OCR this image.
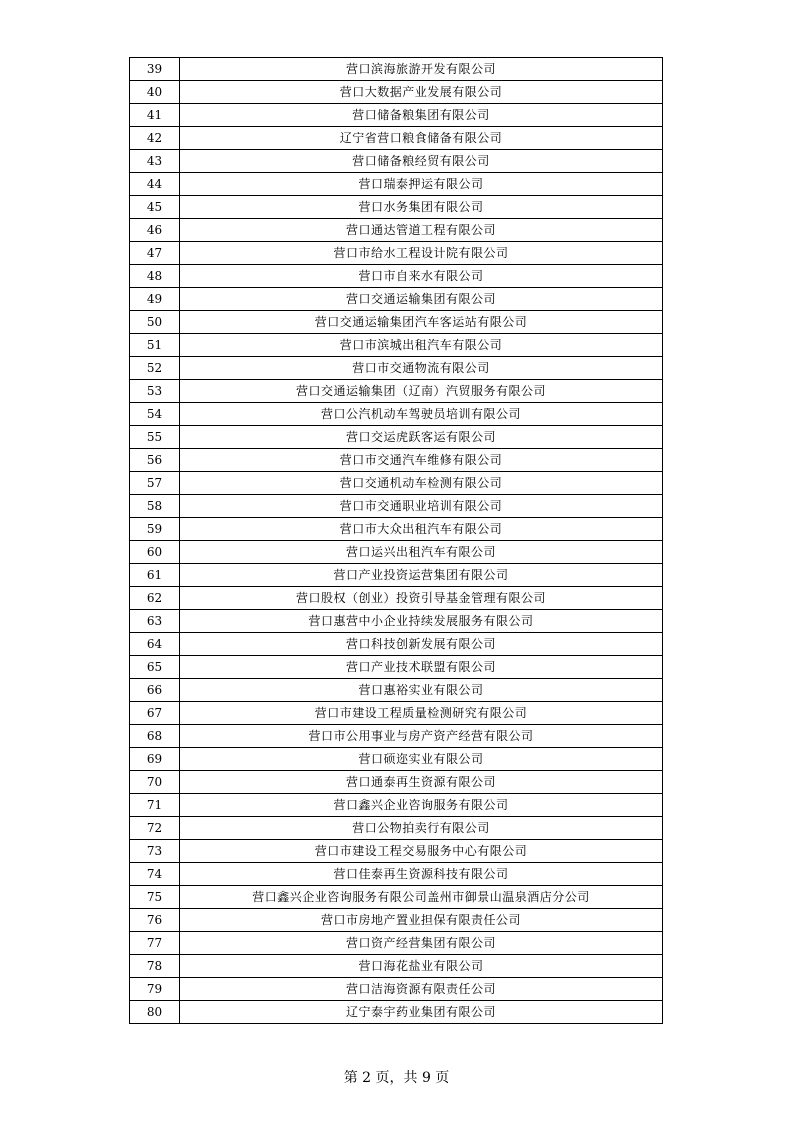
39	营口滨海旅游开发有限公司
40	营口大数据产业发展有限公司
41	营口储备粮集团有限公司
42	辽宁省营口粮食储备有限公司
43	营口储备粮经贸有限公司
44	营口瑞泰押运有限公司
45	营口水务集团有限公司
46	营口通达管道工程有限公司
47	营口市给水工程设计院有限公司
48	营口市自来水有限公司
49	营口交通运输集团有限公司
50	营口交通运输集团汽车客运站有限公司
51	营口市滨城出租汽车有限公司
52	营口市交通物流有限公司
53	营口交通运输集团（辽南）汽贸服务有限公司
54	营口公汽机动车驾驶员培训有限公司
55	营口交运虎跃客运有限公司
56	营口市交通汽车维修有限公司
57	营口交通机动车检测有限公司
58	营口市交通职业培训有限公司
59	营口市大众出租汽车有限公司
60	营口运兴出租汽车有限公司
61	营口产业投资运营集团有限公司
62	营口股权（创业）投资引导基金管理有限公司
63	营口惠营中小企业持续发展服务有限公司
64	营口科技创新发展有限公司
65	营口产业技术联盟有限公司
66	营口惠裕实业有限公司
67	营口市建设工程质量检测研究有限公司
68	营口市公用事业与房产资产经营有限公司
69	营口硕迩实业有限公司
70	营口通泰再生资源有限公司
71	营口鑫兴企业咨询服务有限公司
72	营口公物拍卖行有限公司
73	营口市建设工程交易服务中心有限公司
74	营口佳泰再生资源科技有限公司
75	营口鑫兴企业咨询服务有限公司盖州市御景山温泉酒店分公司
76	营口市房地产置业担保有限责任公司
77	营口资产经营集团有限公司
78	营口海花盐业有限公司
79	营口洁海资源有限责任公司
80	辽宁泰宇药业集团有限公司
第 2 页，共 9 页
